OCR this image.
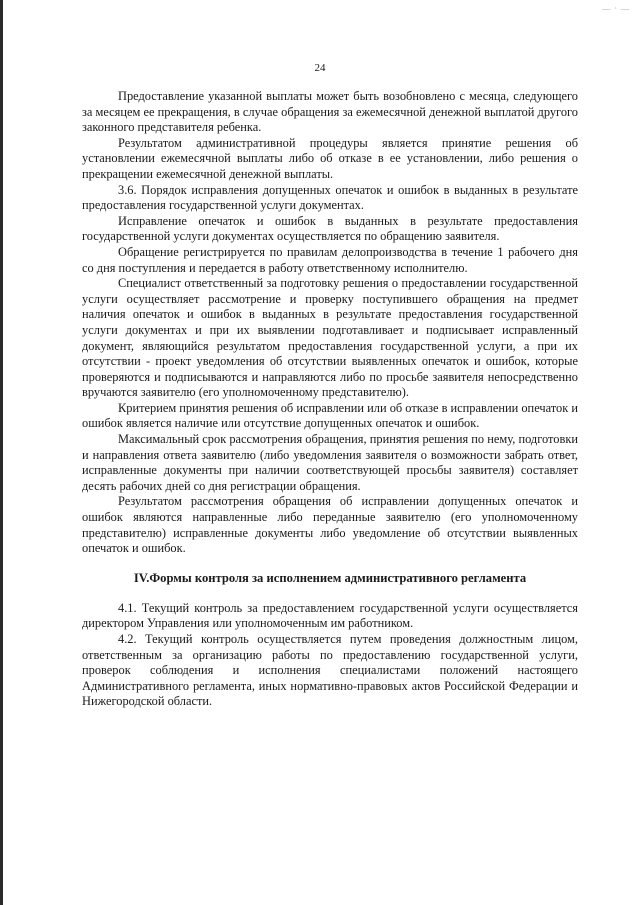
— · —
24

Предоставление указанной выплаты может быть возобновлено с месяца, следующего за месяцем ее прекращения, в случае обращения за ежемесячной денежной выплатой другого законного представителя ребенка.

Результатом административной процедуры является принятие решения об установлении ежемесячной выплаты либо об отказе в ее установлении, либо решения о прекращении ежемесячной денежной выплаты.

3.6. Порядок исправления допущенных опечаток и ошибок в выданных в результате предоставления государственной услуги документах.

Исправление опечаток и ошибок в выданных в результате предоставления государственной услуги документах осуществляется по обращению заявителя.

Обращение регистрируется по правилам делопроизводства в течение 1 рабочего дня со дня поступления и передается в работу ответственному исполнителю.

Специалист ответственный за подготовку решения о предоставлении государственной услуги осуществляет рассмотрение и проверку поступившего обращения на предмет наличия опечаток и ошибок в выданных в результате предоставления государственной услуги документах и при их выявлении подготавливает и подписывает исправленный документ, являющийся результатом предоставления государственной услуги, а при их отсутствии - проект уведомления об отсутствии выявленных опечаток и ошибок, которые проверяются и подписываются и направляются либо по просьбе заявителя непосредственно вручаются заявителю (его уполномоченному представителю).

Критерием принятия решения об исправлении или об отказе в исправлении опечаток и ошибок является наличие или отсутствие допущенных опечаток и ошибок.

Максимальный срок рассмотрения обращения, принятия решения по нему, подготовки и направления ответа заявителю (либо уведомления заявителя о возможности забрать ответ, исправленные документы при наличии соответствующей просьбы заявителя) составляет десять рабочих дней со дня регистрации обращения.

Результатом рассмотрения обращения об исправлении допущенных опечаток и ошибок являются направленные либо переданные заявителю (его уполномоченному представителю) исправленные документы либо уведомление об отсутствии выявленных опечаток и ошибок.

IV.Формы контроля за исполнением административного регламента

4.1. Текущий контроль за предоставлением государственной услуги осуществляется директором Управления или уполномоченным им работником.

4.2. Текущий контроль осуществляется путем проведения должностным лицом, ответственным за организацию работы по предоставлению государственной услуги, проверок соблюдения и исполнения специалистами положений настоящего Административного регламента, иных нормативно-правовых актов Российской Федерации и Нижегородской области.
